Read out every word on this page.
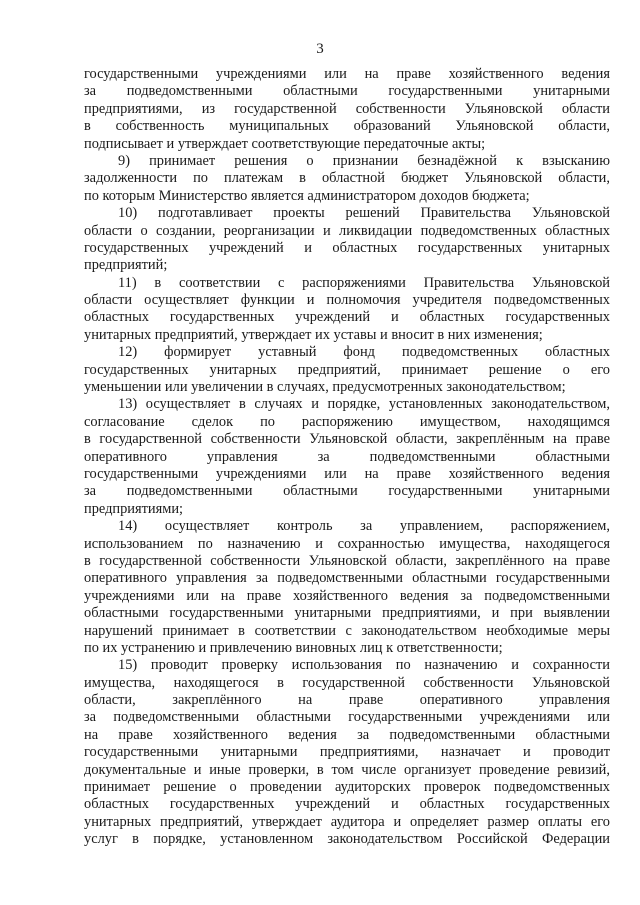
3
государственными учреждениями или на праве хозяйственного ведения
за подведомственными областными государственными унитарными
предприятиями, из государственной собственности Ульяновской области
в собственность муниципальных образований Ульяновской области,
подписывает и утверждает соответствующие передаточные акты;
9) принимает решения о признании безнадёжной к взысканию
задолженности по платежам в областной бюджет Ульяновской области,
по которым Министерство является администратором доходов бюджета;
10) подготавливает проекты решений Правительства Ульяновской
области о создании, реорганизации и ликвидации подведомственных областных
государственных учреждений и областных государственных унитарных
предприятий;
11) в соответствии с распоряжениями Правительства Ульяновской
области осуществляет функции и полномочия учредителя подведомственных
областных государственных учреждений и областных государственных
унитарных предприятий, утверждает их уставы и вносит в них изменения;
12) формирует уставный фонд подведомственных областных
государственных унитарных предприятий, принимает решение о его
уменьшении или увеличении в случаях, предусмотренных законодательством;
13) осуществляет в случаях и порядке, установленных законодательством,
согласование сделок по распоряжению имуществом, находящимся
в государственной собственности Ульяновской области, закреплённым на праве
оперативного управления за подведомственными областными
государственными учреждениями или на праве хозяйственного ведения
за подведомственными областными государственными унитарными
предприятиями;
14) осуществляет контроль за управлением, распоряжением,
использованием по назначению и сохранностью имущества, находящегося
в государственной собственности Ульяновской области, закреплённого на праве
оперативного управления за подведомственными областными государственными
учреждениями или на праве хозяйственного ведения за подведомственными
областными государственными унитарными предприятиями, и при выявлении
нарушений принимает в соответствии с законодательством необходимые меры
по их устранению и привлечению виновных лиц к ответственности;
15) проводит проверку использования по назначению и сохранности
имущества, находящегося в государственной собственности Ульяновской
области, закреплённого на праве оперативного управления
за подведомственными областными государственными учреждениями или
на праве хозяйственного ведения за подведомственными областными
государственными унитарными предприятиями, назначает и проводит
документальные и иные проверки, в том числе организует проведение ревизий,
принимает решение о проведении аудиторских проверок подведомственных
областных государственных учреждений и областных государственных
унитарных предприятий, утверждает аудитора и определяет размер оплаты его
услуг в порядке, установленном законодательством Российской Федерации
